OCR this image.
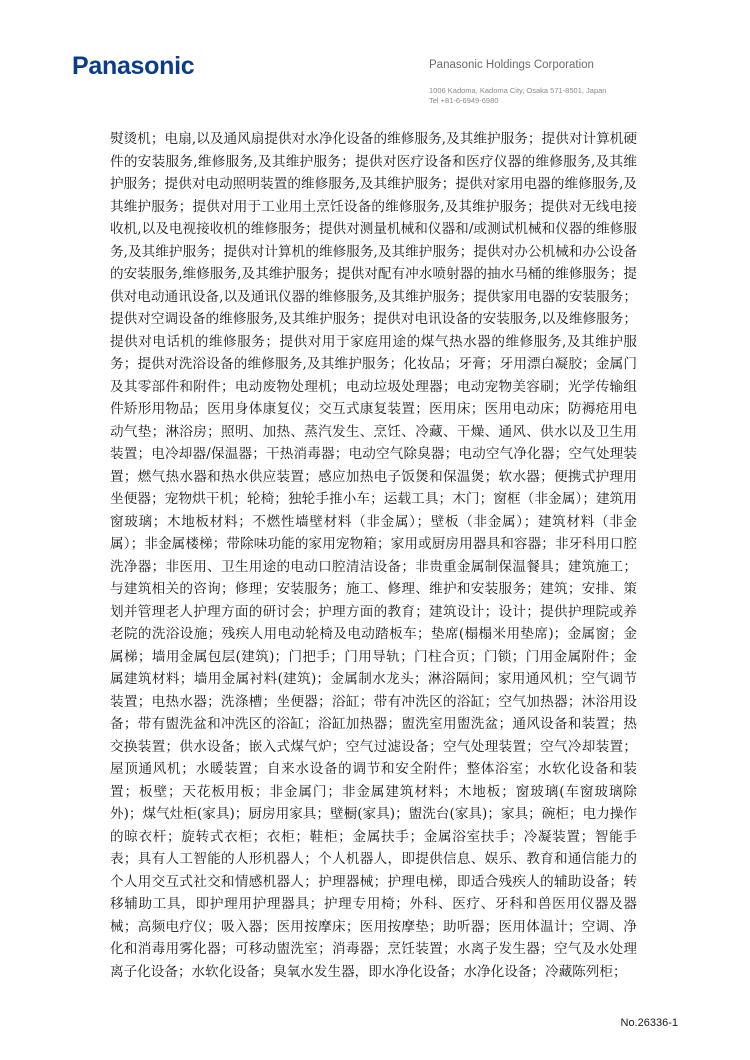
Panasonic	Panasonic Holdings Corporation
1006 Kadoma, Kadoma City, Osaka 571-8501, Japan
Tel +81-6-6949-6980
熨烫机；电扇,以及通风扇提供对水净化设备的维修服务,及其维护服务；提供对计算机硬件的安装服务,维修服务,及其维护服务；提供对医疗设备和医疗仪器的维修服务,及其维护服务；提供对电动照明装置的维修服务,及其维护服务；提供对家用电器的维修服务,及其维护服务；提供对用于工业用土烹饪设备的维修服务,及其维护服务；提供对无线电接收机,以及电视接收机的维修服务；提供对测量机械和仪器和/或测试机械和仪器的维修服务,及其维护服务；提供对计算机的维修服务,及其维护服务；提供对办公机械和办公设备的安装服务,维修服务,及其维护服务；提供对配有冲水喷射器的抽水马桶的维修服务；提供对电动通讯设备,以及通讯仪器的维修服务,及其维护服务；提供家用电器的安装服务；提供对空调设备的维修服务,及其维护服务；提供对电讯设备的安装服务,以及维修服务；提供对电话机的维修服务；提供对用于家庭用途的煤气热水器的维修服务,及其维护服务；提供对洗浴设备的维修服务,及其维护服务；化妆品；牙膏；牙用漂白凝胶；金属门及其零部件和附件；电动废物处理机；电动垃圾处理器；电动宠物美容刷；光学传输组件矫形用物品；医用身体康复仪；交互式康复装置；医用床；医用电动床；防褥疮用电动气垫；淋浴房；照明、加热、蒸汽发生、烹饪、冷藏、干燥、通风、供水以及卫生用装置；电冷却器/保温器；干热消毒器；电动空气除臭器；电动空气净化器；空气处理装置；燃气热水器和热水供应装置；感应加热电子饭煲和保温煲；软水器；便携式护理用坐便器；宠物烘干机；轮椅；独轮手推小车；运载工具；木门；窗框（非金属）；建筑用窗玻璃；木地板材料；不燃性墙壁材料（非金属）；壁板（非金属）；建筑材料（非金属）；非金属楼梯；带除味功能的家用宠物箱；家用或厨房用器具和容器；非牙科用口腔洗净器；非医用、卫生用途的电动口腔清洁设备；非贵重金属制保温餐具；建筑施工；与建筑相关的咨询；修理；安装服务；施工、修理、维护和安装服务；建筑；安排、策划并管理老人护理方面的研讨会；护理方面的教育；建筑设计；设计；提供护理院或养老院的洗浴设施；残疾人用电动轮椅及电动踏板车；垫席(榻榻米用垫席)；金属窗；金属梯；墙用金属包层(建筑)；门把手；门用导轨；门柱合页；门锁；门用金属附件；金属建筑材料；墙用金属衬料(建筑)；金属制水龙头；淋浴隔间；家用通风机；空气调节装置；电热水器；洗涤槽；坐便器；浴缸；带有冲洗区的浴缸；空气加热器；沐浴用设备；带有盥洗盆和冲洗区的浴缸；浴缸加热器；盥洗室用盥洗盆；通风设备和装置；热交换装置；供水设备；嵌入式煤气炉；空气过滤设备；空气处理装置；空气冷却装置；屋顶通风机；水暖装置；自来水设备的调节和安全附件；整体浴室；水软化设备和装置；板壁；天花板用板；非金属门；非金属建筑材料；木地板；窗玻璃(车窗玻璃除外)；煤气灶柜(家具)；厨房用家具；壁橱(家具)；盥洗台(家具)；家具；碗柜；电力操作的晾衣杆；旋转式衣柜；衣柜；鞋柜；金属扶手；金属浴室扶手；冷凝装置；智能手表；具有人工智能的人形机器人；个人机器人，即提供信息、娱乐、教育和通信能力的个人用交互式社交和情感机器人；护理器械；护理电梯，即适合残疾人的辅助设备；转移辅助工具，即护理用护理器具；护理专用椅；外科、医疗、牙科和兽医用仪器及器械；高频电疗仪；吸入器；医用按摩床；医用按摩垫；助听器；医用体温计；空调、净化和消毒用雾化器；可移动盥洗室；消毒器；烹饪装置；水离子发生器；空气及水处理离子化设备；水软化设备；臭氧水发生器，即水净化设备；水净化设备；冷藏陈列柜；
No.26336-1
